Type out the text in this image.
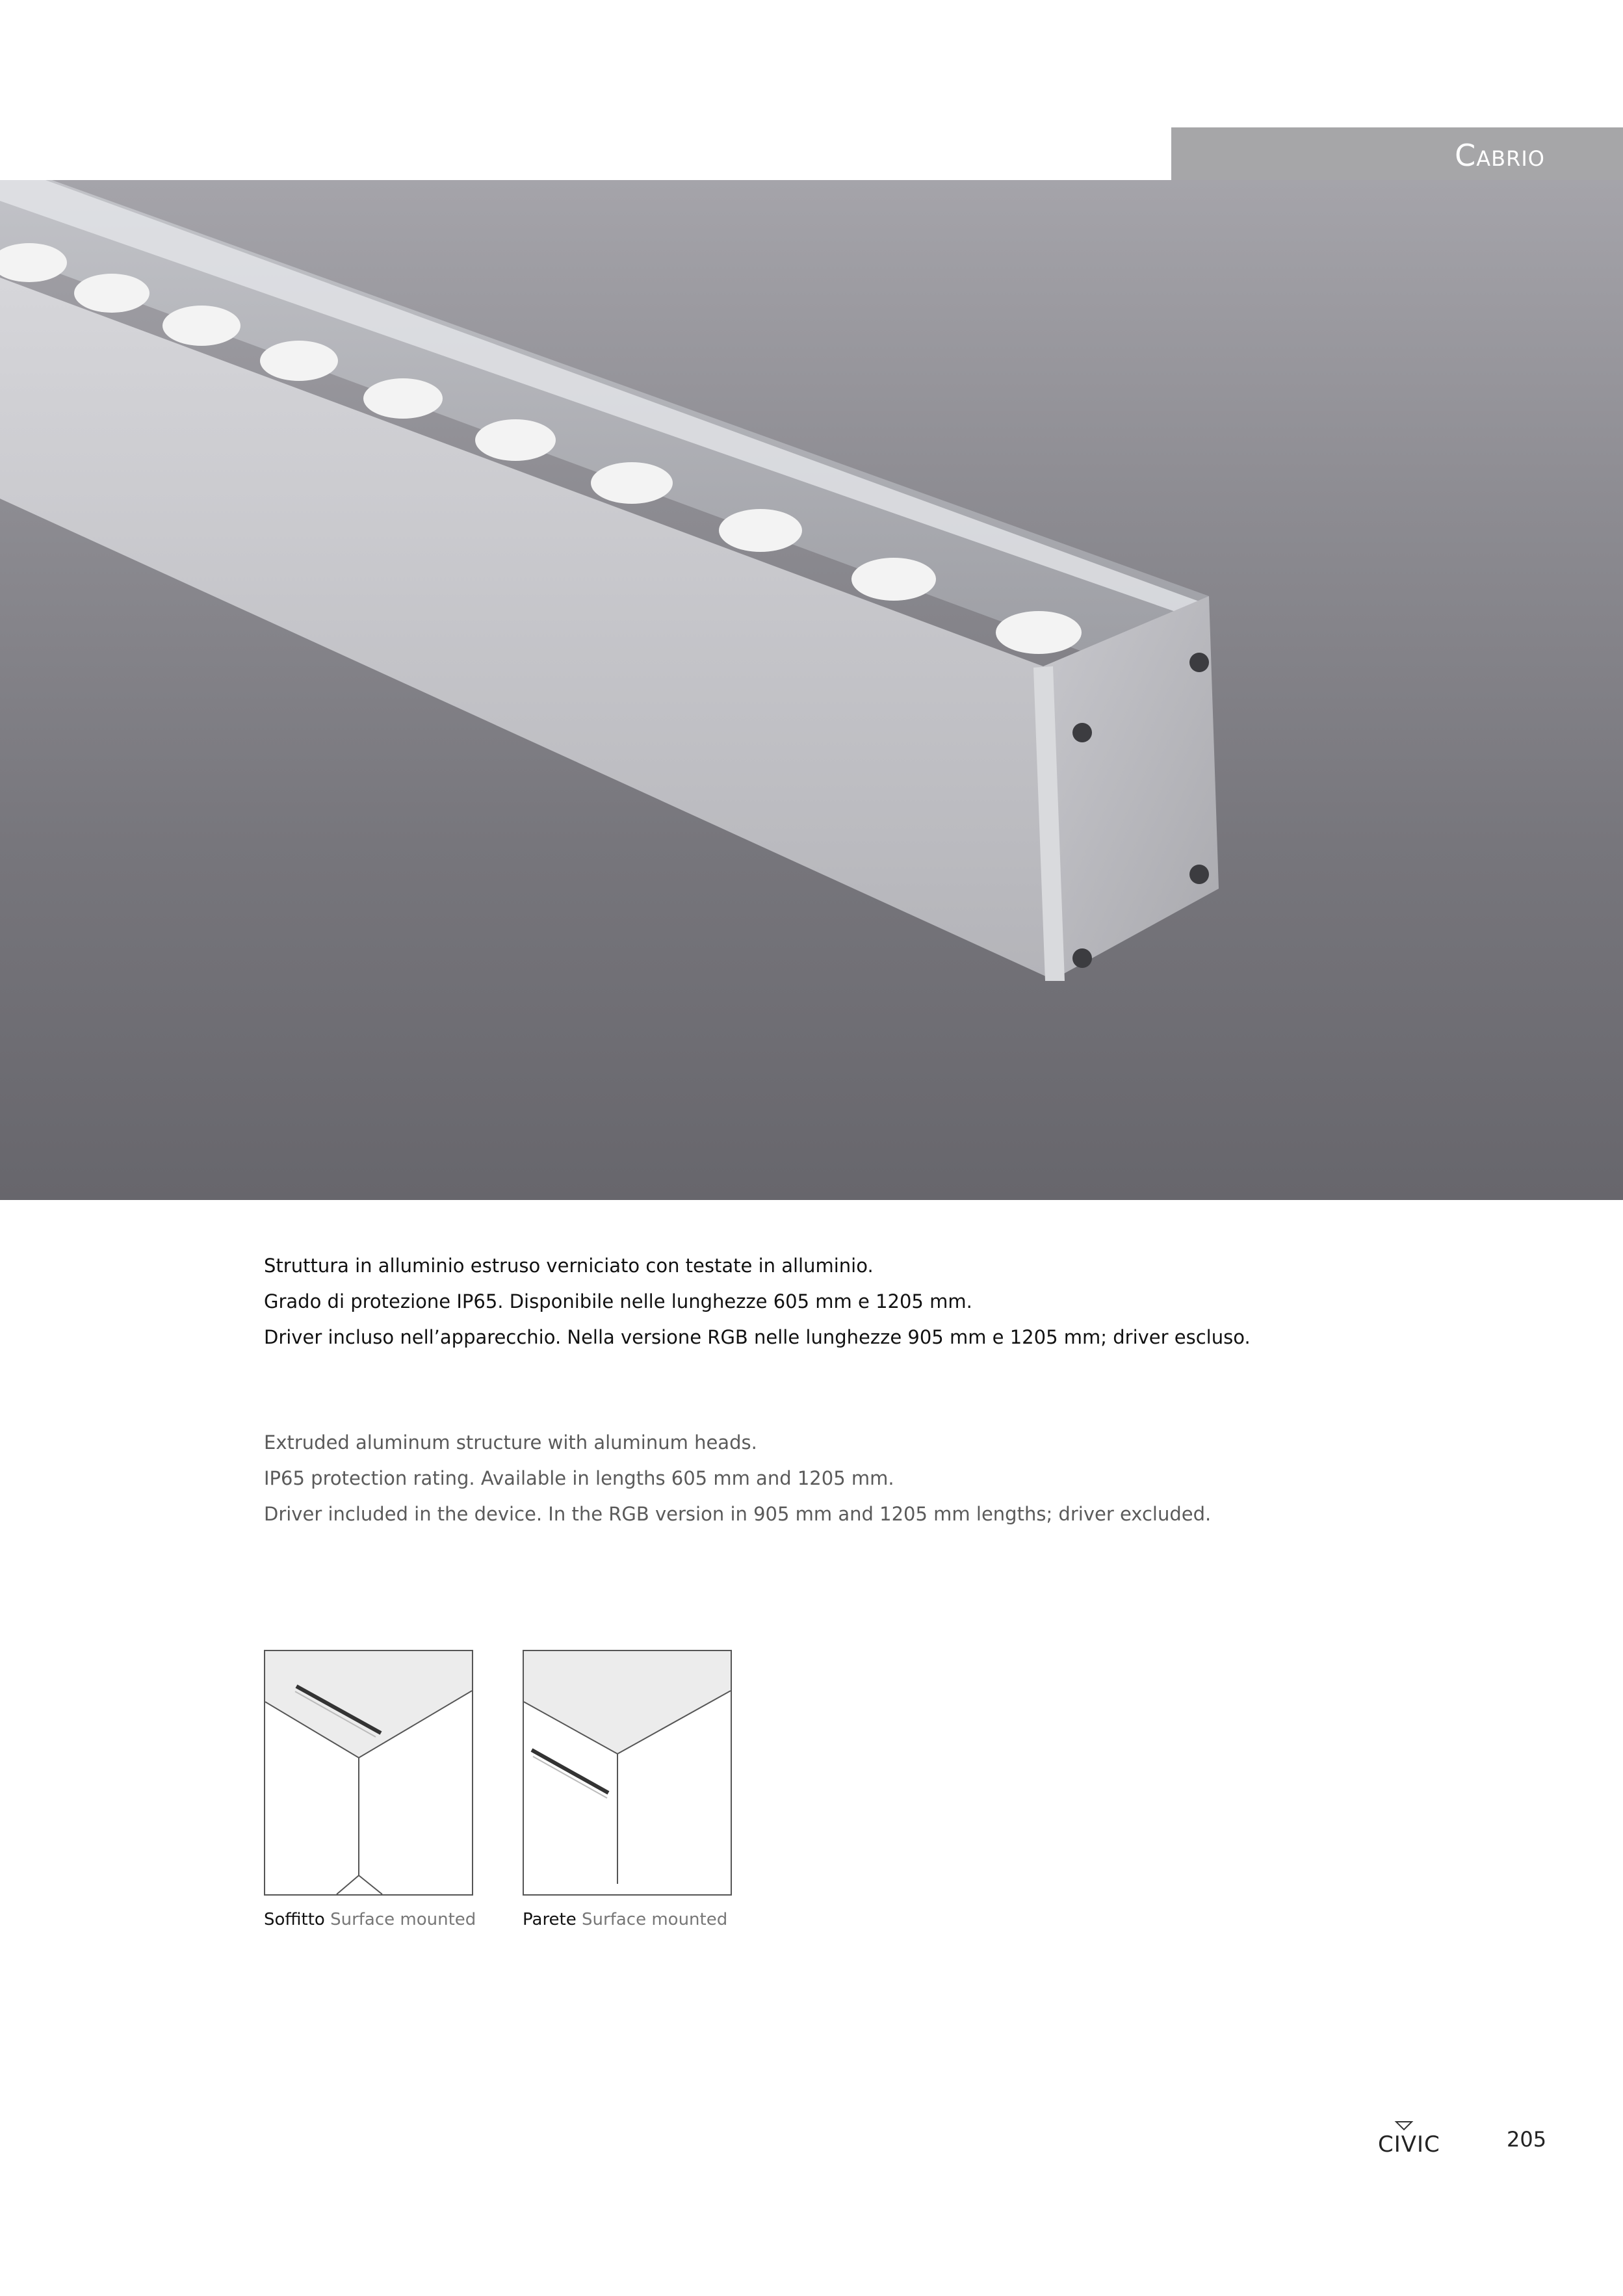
Cabrio

Struttura in alluminio estruso verniciato con testate in alluminio.

Grado di protezione IP65. Disponibile nelle lunghezze 605 mm e 1205 mm.

Driver incluso nell’apparecchio. Nella versione RGB nelle lunghezze 905 mm e 1205 mm; driver escluso.

Extruded aluminum structure with aluminum heads.

IP65 protection rating. Available in lengths 605 mm and 1205 mm.

Driver included in the device. In the RGB version in 905 mm and 1205 mm lengths; driver excluded.

Soffitto Surface mounted	Parete Surface mounted
CIVIC	205
